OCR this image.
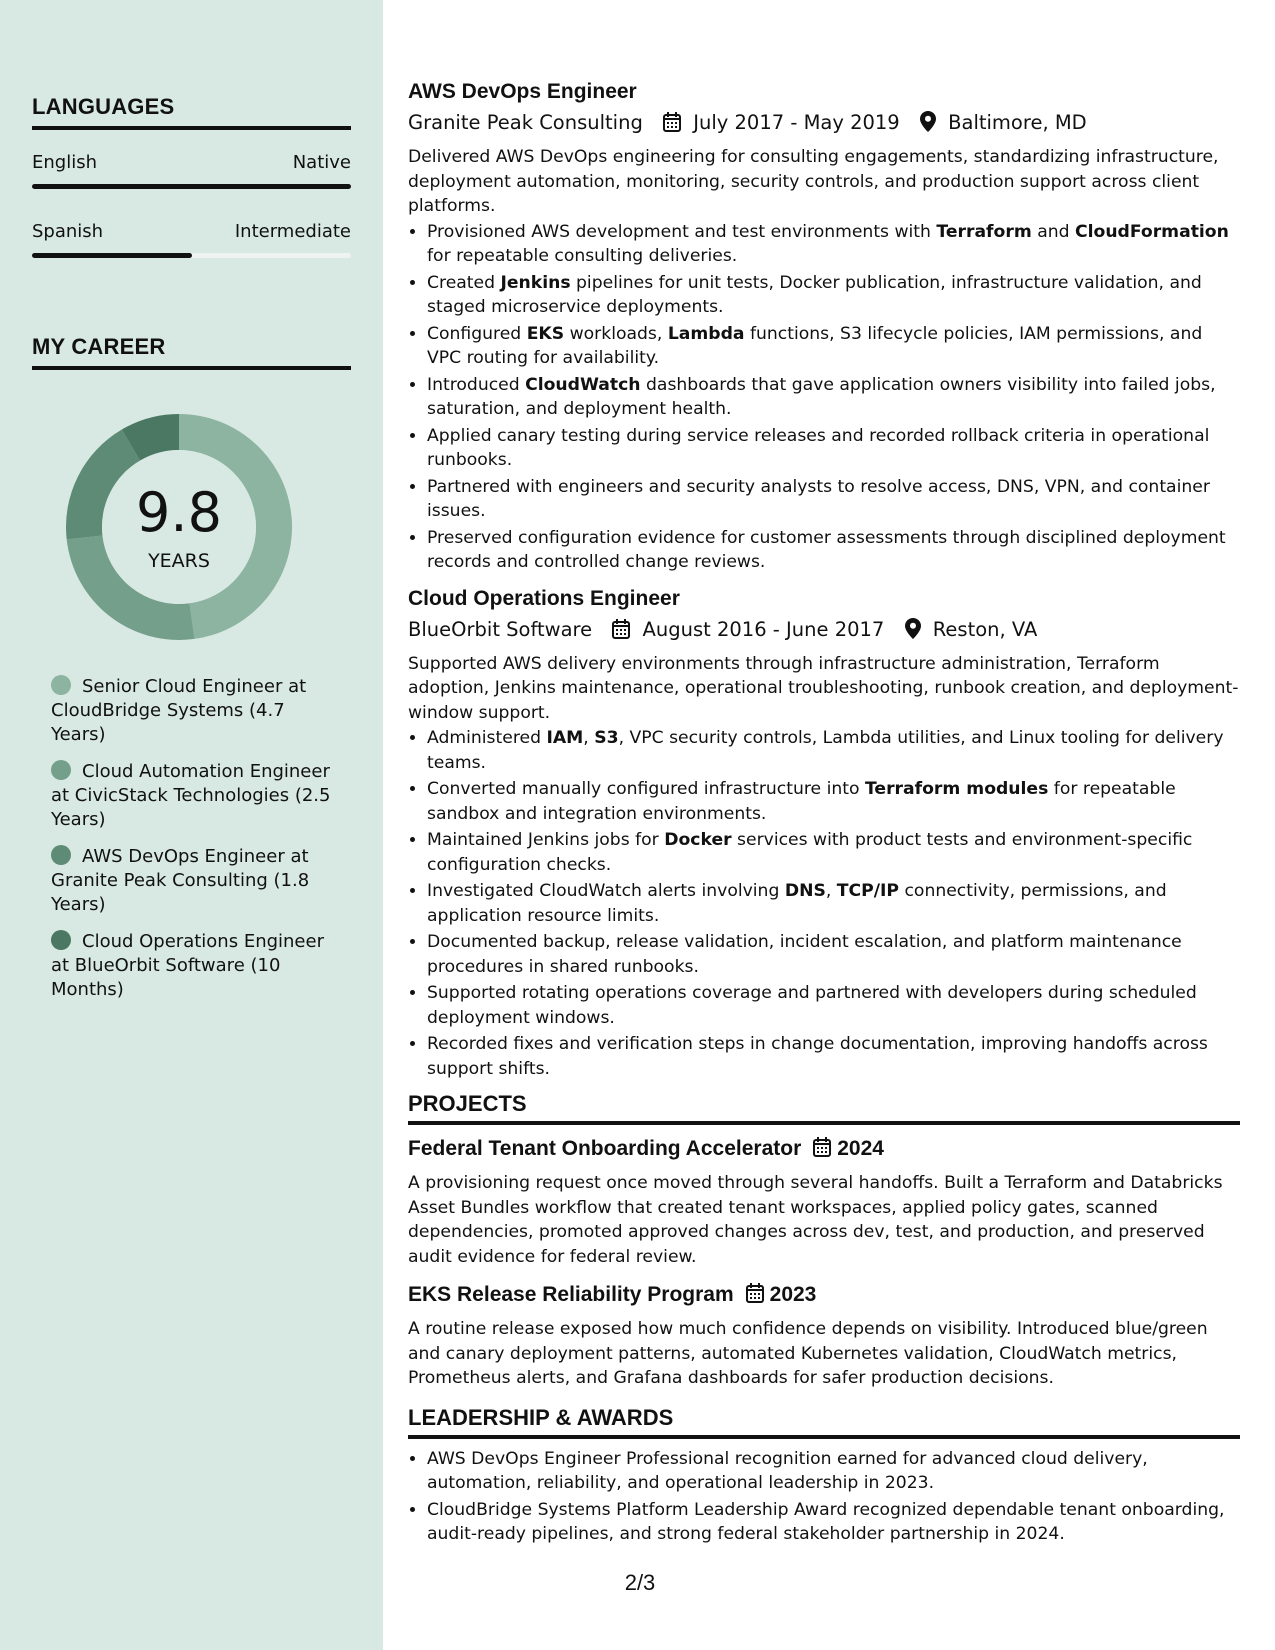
LANGUAGES
English	Native
Spanish	Intermediate
MY CAREER
9.8
YEARS
Senior Cloud Engineer at CloudBridge Systems (4.7 Years)
Cloud Automation Engineer at CivicStack Technologies (2.5 Years)
AWS DevOps Engineer at Granite Peak Consulting (1.8 Years)
Cloud Operations Engineer at BlueOrbit Software (10 Months)
AWS DevOps Engineer
Granite Peak Consulting	July 2017 - May 2019 Baltimore, MD

Delivered AWS DevOps engineering for consulting engagements, standardizing infrastructure, deployment automation, monitoring, security controls, and production support across client platforms.

• Provisioned AWS development and test environments with Terraform and CloudFormation for repeatable consulting deliveries.
• Created Jenkins pipelines for unit tests, Docker publication, infrastructure validation, and staged microservice deployments.
• Configured EKS workloads, Lambda functions, S3 lifecycle policies, IAM permissions, and VPC routing for availability.
• Introduced CloudWatch dashboards that gave application owners visibility into failed jobs, saturation, and deployment health.
• Applied canary testing during service releases and recorded rollback criteria in operational runbooks.
• Partnered with engineers and security analysts to resolve access, DNS, VPN, and container issues.
• Preserved configuration evidence for customer assessments through disciplined deployment records and controlled change reviews.
Cloud Operations Engineer
BlueOrbit Software	August 2016 - June 2017 Reston, VA

Supported AWS delivery environments through infrastructure administration, Terraform adoption, Jenkins maintenance, operational troubleshooting, runbook creation, and deployment-window support.

• Administered IAM, S3, VPC security controls, Lambda utilities, and Linux tooling for delivery teams.
• Converted manually configured infrastructure into Terraform modules for repeatable sandbox and integration environments.
• Maintained Jenkins jobs for Docker services with product tests and environment-specific configuration checks.
• Investigated CloudWatch alerts involving DNS, TCP/IP connectivity, permissions, and application resource limits.
• Documented backup, release validation, incident escalation, and platform maintenance procedures in shared runbooks.
• Supported rotating operations coverage and partnered with developers during scheduled deployment windows.
• Recorded fixes and verification steps in change documentation, improving handoffs across support shifts.
PROJECTS
Federal Tenant Onboarding Accelerator 2024

A provisioning request once moved through several handoffs. Built a Terraform and Databricks Asset Bundles workflow that created tenant workspaces, applied policy gates, scanned dependencies, promoted approved changes across dev, test, and production, and preserved audit evidence for federal review.

EKS Release Reliability Program 2023

A routine release exposed how much confidence depends on visibility. Introduced blue/green and canary deployment patterns, automated Kubernetes validation, CloudWatch metrics, Prometheus alerts, and Grafana dashboards for safer production decisions.

LEADERSHIP & AWARDS
• AWS DevOps Engineer Professional recognition earned for advanced cloud delivery, automation, reliability, and operational leadership in 2023.
• CloudBridge Systems Platform Leadership Award recognized dependable tenant onboarding, audit-ready pipelines, and strong federal stakeholder partnership in 2024.
2/3
